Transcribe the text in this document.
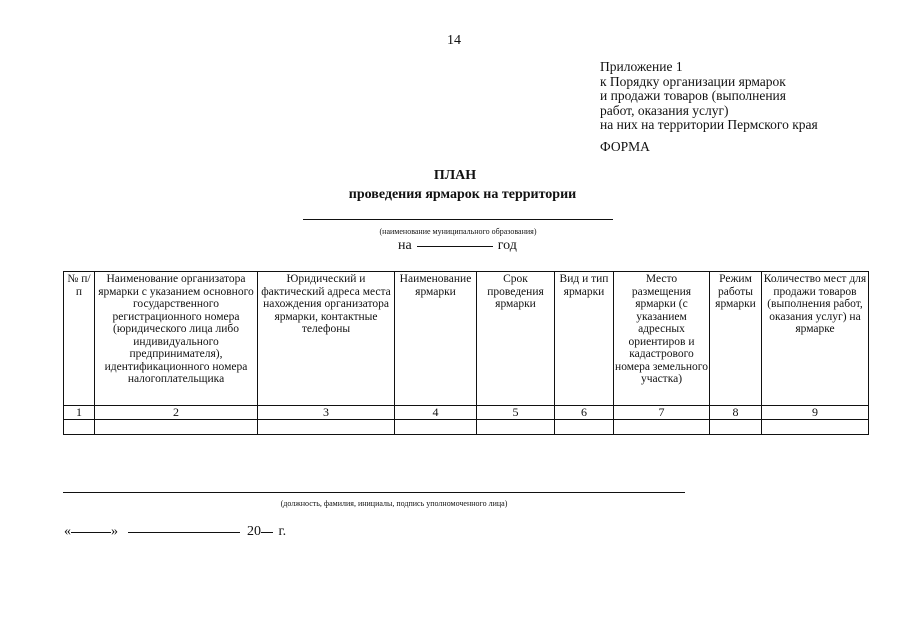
14
Приложение 1
к Порядку организации ярмарок
и продажи товаров (выполнения
работ, оказания услуг)
на них на территории Пермского края
ФОРМА
ПЛАН
проведения ярмарок на территории
(наименование муниципального образования)
на	год
№ п/п	Наименование организатора ярмарки с указанием основного государственного регистрационного номера (юридического лица либо индивидуального предпринимателя), идентификационного номера налогоплательщика	Юридический и фактический адреса места нахождения организатора ярмарки, контактные телефоны	Наименование ярмарки	Срок проведения ярмарки	Вид и тип ярмарки	Место размещения ярмарки (с указанием адресных ориентиров и кадастрового номера земельного участка)	Режим работы ярмарки	Количество мест для продажи товаров (выполнения работ, оказания услуг) на ярмарке
1	2	3	4	5	6	7	8	9

(должность, фамилия, инициалы, подпись уполномоченного лица)
«	»	20 г.
